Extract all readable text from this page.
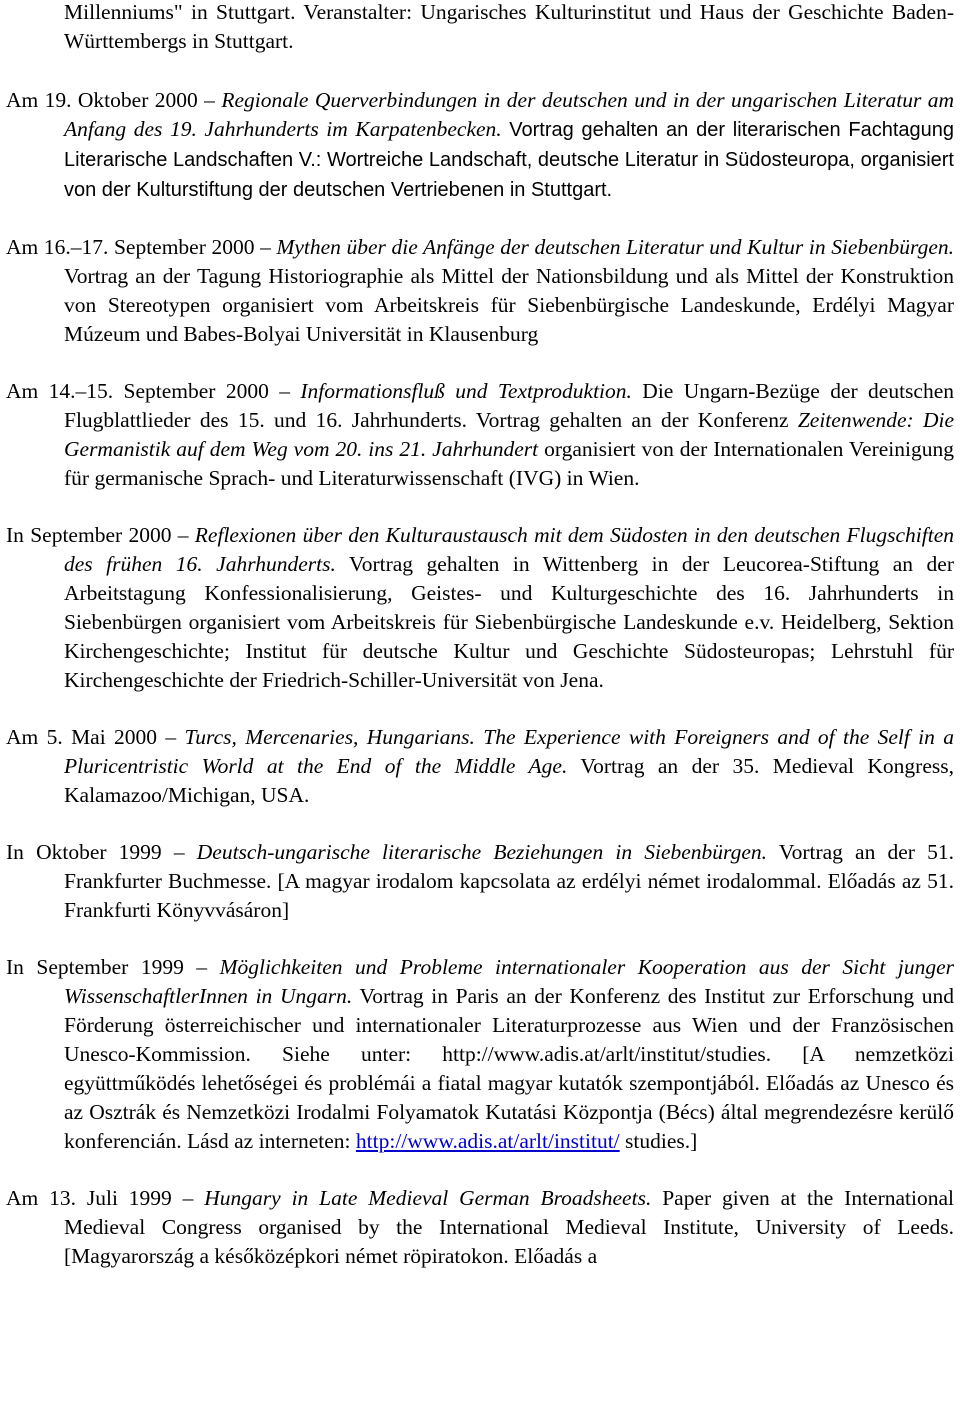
Millenniums" in Stuttgart. Veranstalter: Ungarisches Kulturinstitut und Haus der Geschichte Baden-Württembergs in Stuttgart.

Am 19. Oktober 2000 – Regionale Querverbindungen in der deutschen und in der ungarischen Literatur am Anfang des 19. Jahrhunderts im Karpatenbecken. Vortrag gehalten an der literarischen Fachtagung Literarische Landschaften V.: Wortreiche Landschaft, deutsche Literatur in Südosteuropa, organisiert von der Kulturstiftung der deutschen Vertriebenen in Stuttgart.

Am 16.–17. September 2000 – Mythen über die Anfänge der deutschen Literatur und Kultur in Siebenbürgen. Vortrag an der Tagung Historiographie als Mittel der Nationsbildung und als Mittel der Konstruktion von Stereotypen organisiert vom Arbeitskreis für Siebenbürgische Landeskunde, Erdélyi Magyar Múzeum und Babes-Bolyai Universität in Klausenburg

Am 14.–15. September 2000 – Informationsfluß und Textproduktion. Die Ungarn-Bezüge der deutschen Flugblattlieder des 15. und 16. Jahrhunderts. Vortrag gehalten an der Konferenz Zeitenwende: Die Germanistik auf dem Weg vom 20. ins 21. Jahrhundert organisiert von der Internationalen Vereinigung für germanische Sprach- und Literaturwissenschaft (IVG) in Wien.

In September 2000 – Reflexionen über den Kulturaustausch mit dem Südosten in den deutschen Flugschiften des frühen 16. Jahrhunderts. Vortrag gehalten in Wittenberg in der Leucorea-Stiftung an der Arbeitstagung Konfessionalisierung, Geistes- und Kulturgeschichte des 16. Jahrhunderts in Siebenbürgen organisiert vom Arbeitskreis für Siebenbürgische Landeskunde e.v. Heidelberg, Sektion Kirchengeschichte; Institut für deutsche Kultur und Geschichte Südosteuropas; Lehrstuhl für Kirchengeschichte der Friedrich-Schiller-Universität von Jena.

Am 5. Mai 2000 – Turcs, Mercenaries, Hungarians. The Experience with Foreigners and of the Self in a Pluricentristic World at the End of the Middle Age. Vortrag an der 35. Medieval Kongress, Kalamazoo/Michigan, USA.

In Oktober 1999 – Deutsch-ungarische literarische Beziehungen in Siebenbürgen. Vortrag an der 51. Frankfurter Buchmesse. [A magyar irodalom kapcsolata az erdélyi német irodalommal. Előadás az 51. Frankfurti Könyvvásáron]

In September 1999 – Möglichkeiten und Probleme internationaler Kooperation aus der Sicht junger WissenschaftlerInnen in Ungarn. Vortrag in Paris an der Konferenz des Institut zur Erforschung und Förderung österreichischer und internationaler Literaturprozesse aus Wien und der Französischen Unesco-Kommission. Siehe unter: http://www.adis.at/arlt/institut/studies. [A nemzetközi együttműködés lehetőségei és problémái a fiatal magyar kutatók szempontjából. Előadás az Unesco és az Osztrák és Nemzetközi Irodalmi Folyamatok Kutatási Központja (Bécs) által megrendezésre kerülő konferencián. Lásd az interneten: http://www.adis.at/arlt/institut/ studies.]

Am 13. Juli 1999 – Hungary in Late Medieval German Broadsheets. Paper given at the International Medieval Congress organised by the International Medieval Institute, University of Leeds. [Magyarország a későközépkori német röpiratokon. Előadás a
